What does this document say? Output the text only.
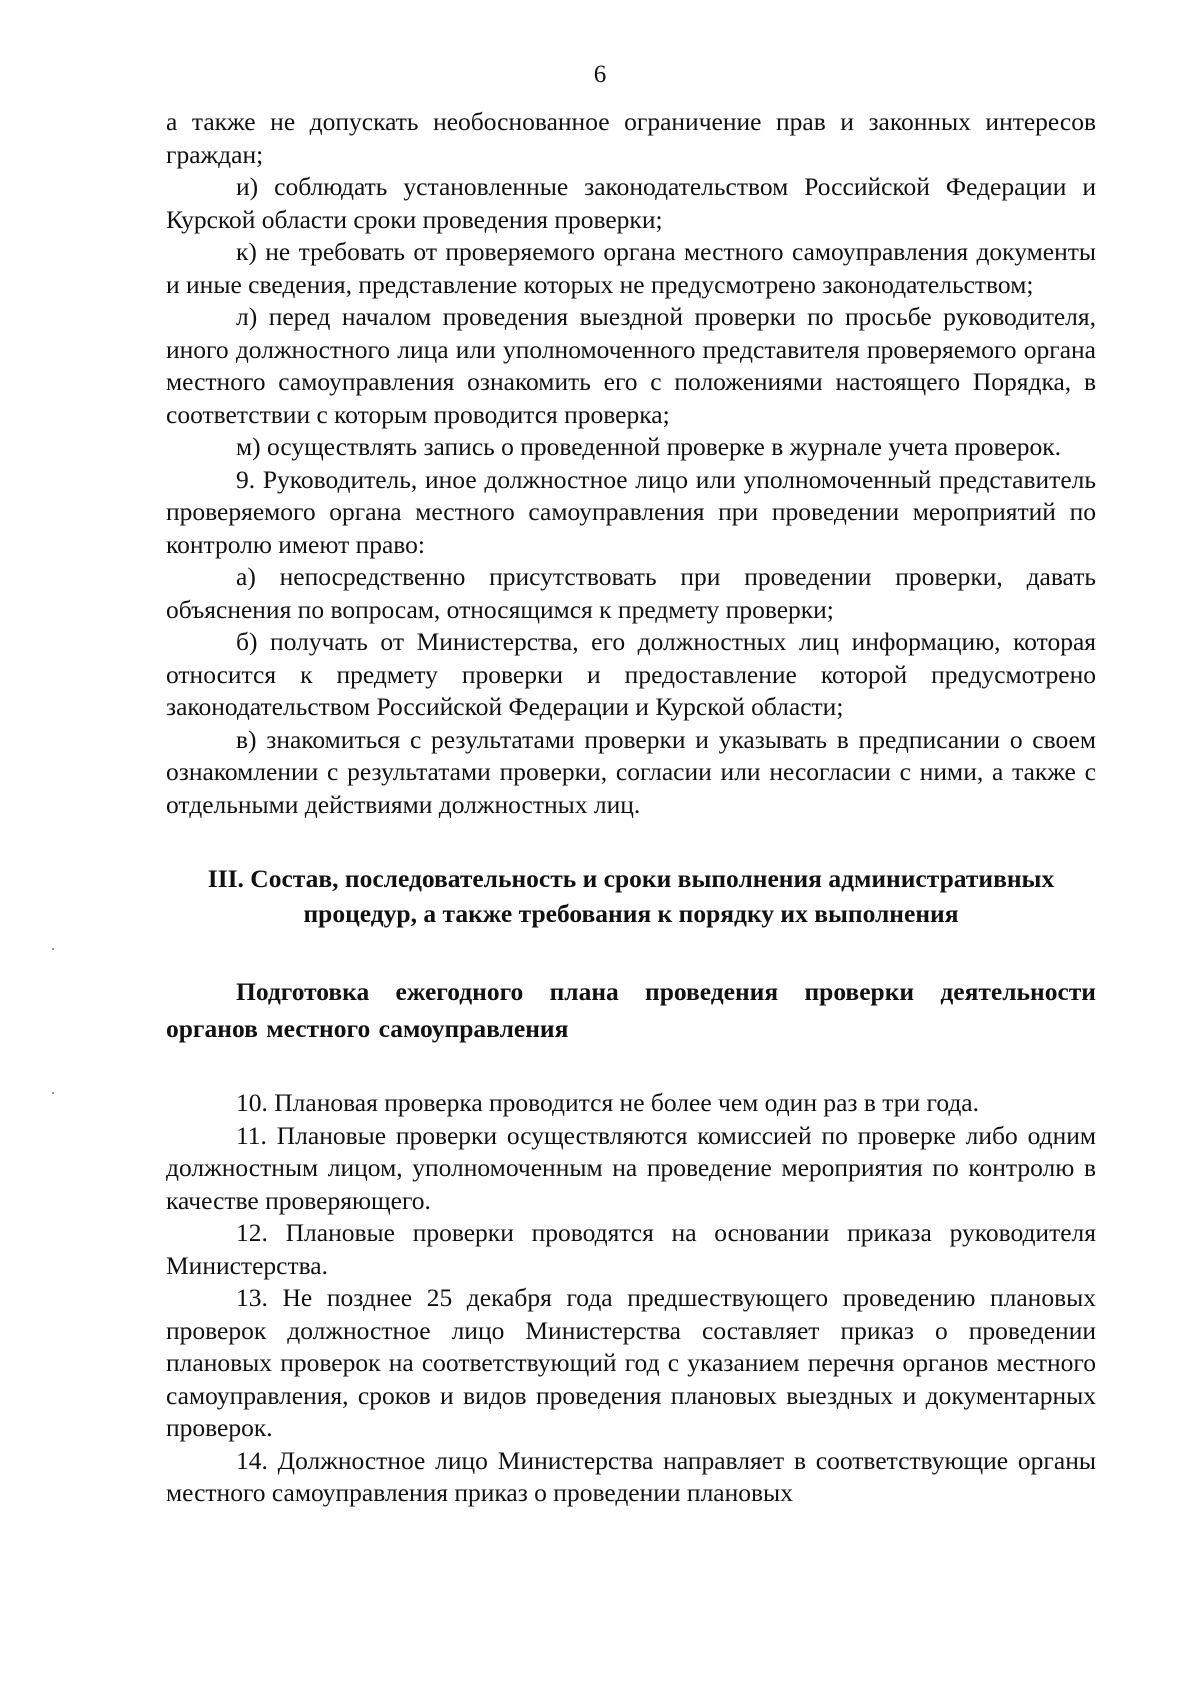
6

а также не допускать необоснованное ограничение прав и законных интересов граждан;

и) соблюдать установленные законодательством Российской Федерации и Курской области сроки проведения проверки;

к) не требовать от проверяемого органа местного самоуправления документы и иные сведения, представление которых не предусмотрено законодательством;

л) перед началом проведения выездной проверки по просьбе руководителя, иного должностного лица или уполномоченного представителя проверяемого органа местного самоуправления ознакомить его с положениями настоящего Порядка, в соответствии с которым проводится проверка;

м) осуществлять запись о проведенной проверке в журнале учета проверок.

9. Руководитель, иное должностное лицо или уполномоченный представитель проверяемого органа местного самоуправления при проведении мероприятий по контролю имеют право:

а) непосредственно присутствовать при проведении проверки, давать объяснения по вопросам, относящимся к предмету проверки;

б) получать от Министерства, его должностных лиц информацию, которая относится к предмету проверки и предоставление которой предусмотрено законодательством Российской Федерации и Курской области;

в) знакомиться с результатами проверки и указывать в предписании о своем ознакомлении с результатами проверки, согласии или несогласии с ними, а также с отдельными действиями должностных лиц.

III. Состав, последовательность и сроки выполнения административных процедур, а также требования к порядку их выполнения
Подготовка ежегодного плана проведения проверки деятельности органов местного самоуправления

10. Плановая проверка проводится не более чем один раз в три года.

11. Плановые проверки осуществляются комиссией по проверке либо одним должностным лицом, уполномоченным на проведение мероприятия по контролю в качестве проверяющего.

12. Плановые проверки проводятся на основании приказа руководителя Министерства.

13. Не позднее 25 декабря года предшествующего проведению плановых проверок должностное лицо Министерства составляет приказ о проведении плановых проверок на соответствующий год с указанием перечня органов местного самоуправления, сроков и видов проведения плановых выездных и документарных проверок.

14. Должностное лицо Министерства направляет в соответствующие органы местного самоуправления приказ о проведении плановых
